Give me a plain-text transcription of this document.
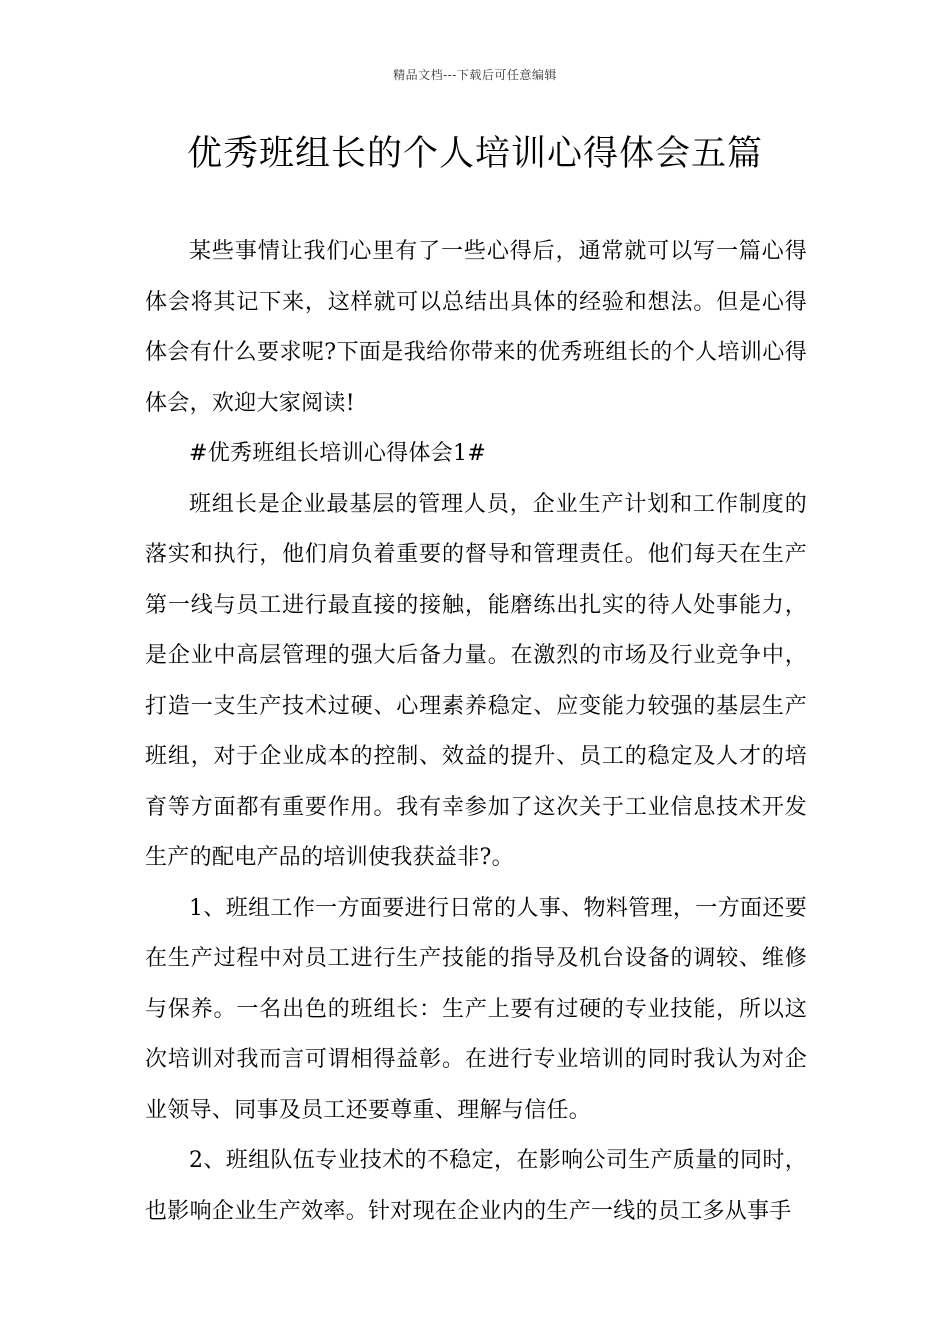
精品文档---下载后可任意编辑
优秀班组长的个人培训心得体会五篇

某些事情让我们心里有了一些心得后，通常就可以写一篇心得体会将其记下来，这样就可以总结出具体的经验和想法。但是心得体会有什么要求呢?下面是我给你带来的优秀班组长的个人培训心得体会，欢迎大家阅读!

#优秀班组长培训心得体会1#

班组长是企业最基层的管理人员，企业生产计划和工作制度的落实和执行，他们肩负着重要的督导和管理责任。他们每天在生产第一线与员工进行最直接的接触，能磨练出扎实的待人处事能力，是企业中高层管理的强大后备力量。在激烈的市场及行业竞争中，打造一支生产技术过硬、心理素养稳定、应变能力较强的基层生产班组，对于企业成本的控制、效益的提升、员工的稳定及人才的培育等方面都有重要作用。我有幸参加了这次关于工业信息技术开发生产的配电产品的培训使我获益非?。

1、班组工作一方面要进行日常的人事、物料管理，一方面还要在生产过程中对员工进行生产技能的指导及机台设备的调较、维修与保养。一名出色的班组长：生产上要有过硬的专业技能，所以这次培训对我而言可谓相得益彰。在进行专业培训的同时我认为对企业领导、同事及员工还要尊重、理解与信任。

2、班组队伍专业技术的不稳定，在影响公司生产质量的同时，也影响企业生产效率。针对现在企业内的生产一线的员工多从事手
